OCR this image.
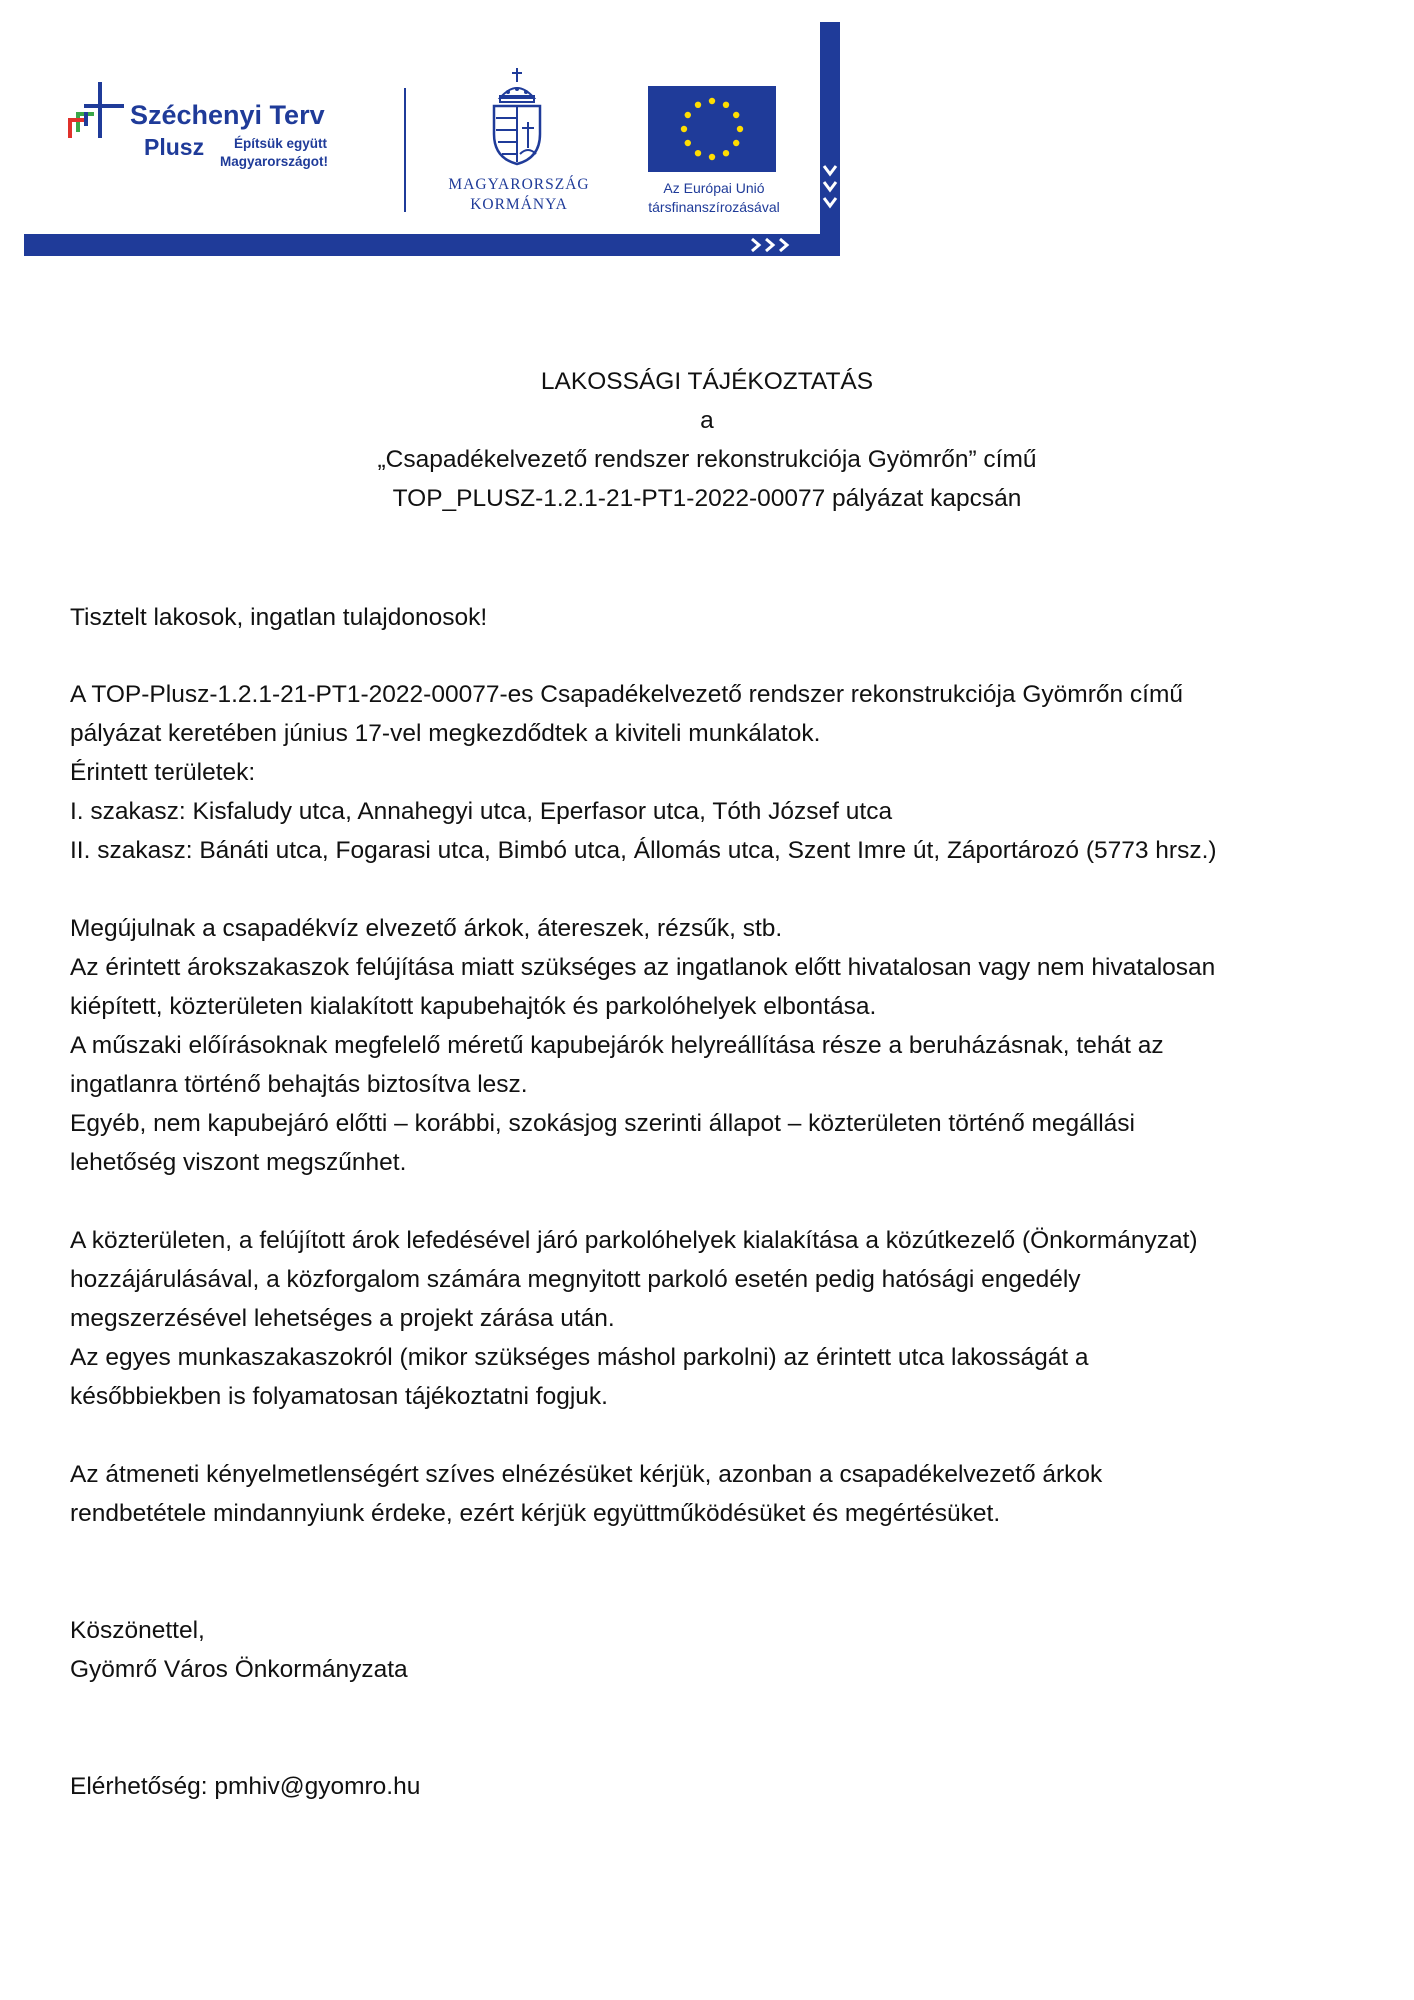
Széchenyi Terv
Plusz Építsük együtt
Magyarországot!
MAGYARORSZÁG
KORMÁNYA
Az Európai Unió
társfinanszírozásával
LAKOSSÁGI TÁJÉKOZTATÁS
a
„Csapadékelvezető rendszer rekonstrukciója Gyömrőn” című
TOP_PLUSZ-1.2.1-21-PT1-2022-00077 pályázat kapcsán
Tisztelt lakosok, ingatlan tulajdonosok!
A TOP-Plusz-1.2.1-21-PT1-2022-00077-es Csapadékelvezető rendszer rekonstrukciója Gyömrőn című
pályázat keretében június 17-vel megkezdődtek a kiviteli munkálatok.
Érintett területek:
I. szakasz: Kisfaludy utca, Annahegyi utca, Eperfasor utca, Tóth József utca
II. szakasz: Bánáti utca, Fogarasi utca, Bimbó utca, Állomás utca, Szent Imre út, Záportározó (5773 hrsz.)
Megújulnak a csapadékvíz elvezető árkok, átereszek, rézsűk, stb.
Az érintett árokszakaszok felújítása miatt szükséges az ingatlanok előtt hivatalosan vagy nem hivatalosan
kiépített, közterületen kialakított kapubehajtók és parkolóhelyek elbontása.
A műszaki előírásoknak megfelelő méretű kapubejárók helyreállítása része a beruházásnak, tehát az
ingatlanra történő behajtás biztosítva lesz.
Egyéb, nem kapubejáró előtti – korábbi, szokásjog szerinti állapot – közterületen történő megállási
lehetőség viszont megszűnhet.
A közterületen, a felújított árok lefedésével járó parkolóhelyek kialakítása a közútkezelő (Önkormányzat)
hozzájárulásával, a közforgalom számára megnyitott parkoló esetén pedig hatósági engedély
megszerzésével lehetséges a projekt zárása után.
Az egyes munkaszakaszokról (mikor szükséges máshol parkolni) az érintett utca lakosságát a
későbbiekben is folyamatosan tájékoztatni fogjuk.
Az átmeneti kényelmetlenségért szíves elnézésüket kérjük, azonban a csapadékelvezető árkok
rendbetétele mindannyiunk érdeke, ezért kérjük együttműködésüket és megértésüket.
Köszönettel,
Gyömrő Város Önkormányzata
Elérhetőség: pmhiv@gyomro.hu
